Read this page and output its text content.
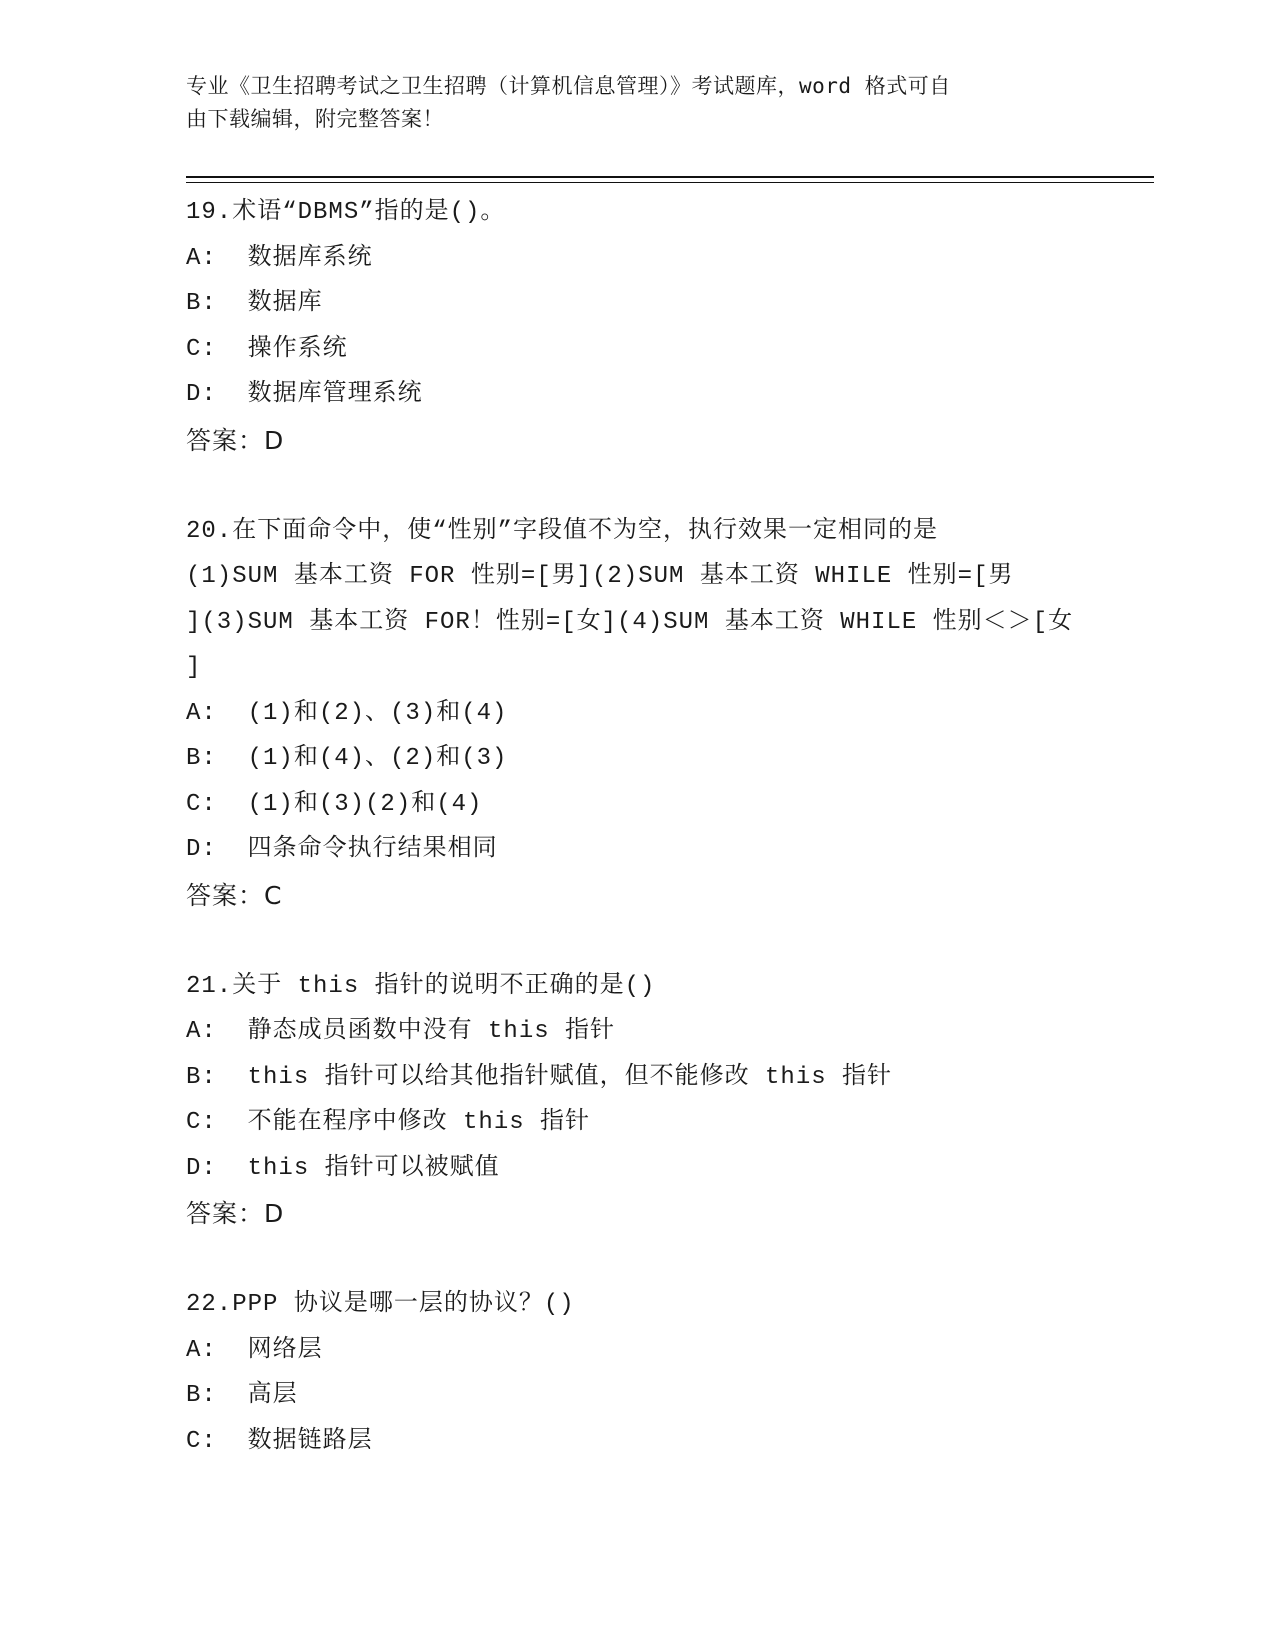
专业《卫生招聘考试之卫生招聘（计算机信息管理）》考试题库，word 格式可自
由下载编辑，附完整答案！
19.术语“DBMS”指的是()。
A:  数据库系统
B:  数据库
C:  操作系统
D:  数据库管理系统
答案：D
20.在下面命令中，使“性别”字段值不为空，执行效果一定相同的是
(1)SUM 基本工资 FOR 性别=[男](2)SUM 基本工资 WHILE 性别=[男
](3)SUM 基本工资 FOR！性别=[女](4)SUM 基本工资 WHILE 性别＜＞[女
]
A:  (1)和(2)、(3)和(4)
B:  (1)和(4)、(2)和(3)
C:  (1)和(3)(2)和(4)
D:  四条命令执行结果相同
答案：C
21.关于 this 指针的说明不正确的是()
A:  静态成员函数中没有 this 指针
B:  this 指针可以给其他指针赋值，但不能修改 this 指针
C:  不能在程序中修改 this 指针
D:  this 指针可以被赋值
答案：D
22.PPP 协议是哪一层的协议？()
A:  网络层
B:  高层
C:  数据链路层
